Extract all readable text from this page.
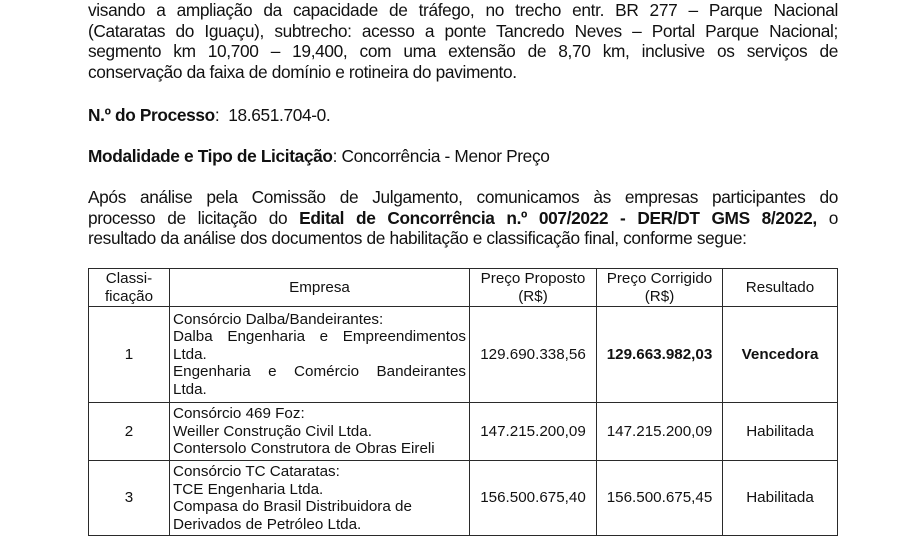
visando a ampliação da capacidade de tráfego, no trecho entr. BR 277 – Parque Nacional
(Cataratas do Iguaçu), subtrecho: acesso a ponte Tancredo Neves – Portal Parque Nacional;
segmento km 10,700 – 19,400, com uma extensão de 8,70 km, inclusive os serviços de
conservação da faixa de domínio e rotineira do pavimento.
N.º do Processo:  18.651.704-0.
Modalidade e Tipo de Licitação: Concorrência - Menor Preço
Após análise pela Comissão de Julgamento, comunicamos às empresas participantes do
processo de licitação do Edital de Concorrência n.º 007/2022 - DER/DT GMS 8/2022, o
resultado da análise dos documentos de habilitação e classificação final, conforme segue:
Classi-
ficação	Empresa	Preço Proposto
(R$)	Preço Corrigido
(R$)	Resultado
1	Consórcio Dalba/Bandeirantes:
Dalba Engenharia e Empreendimentos
Ltda.
Engenharia e Comércio Bandeirantes
Ltda.	129.690.338,56	129.663.982,03	Vencedora
2	Consórcio 469 Foz:
Weiller Construção Civil Ltda.
Contersolo Construtora de Obras Eireli	147.215.200,09	147.215.200,09	Habilitada
3	Consórcio TC Cataratas:
TCE Engenharia Ltda.
Compasa do Brasil Distribuidora de
Derivados de Petróleo Ltda.	156.500.675,40	156.500.675,45	Habilitada
